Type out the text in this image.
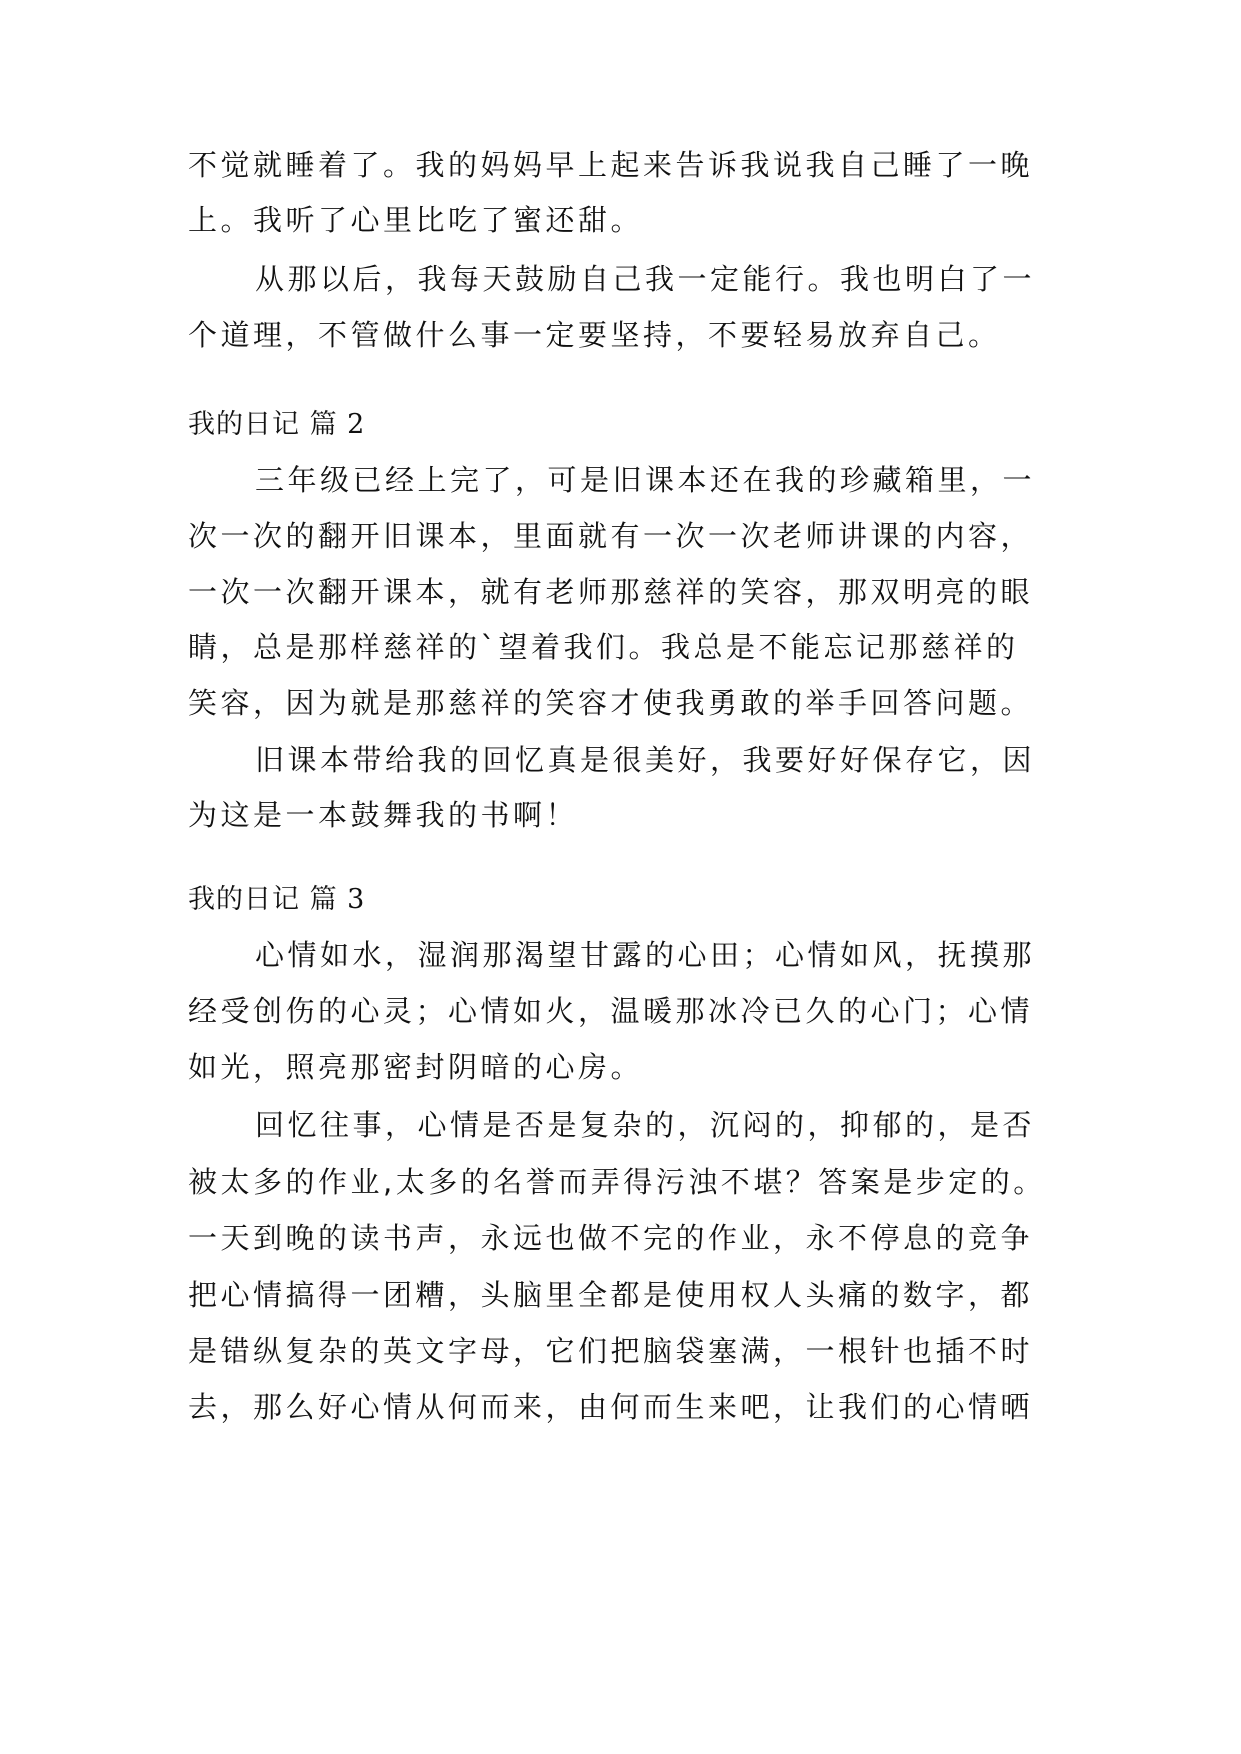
不觉就睡着了。我的妈妈早上起来告诉我说我自己睡了一晚
上。我听了心里比吃了蜜还甜。
从那以后，我每天鼓励自己我一定能行。我也明白了一
个道理，不管做什么事一定要坚持，不要轻易放弃自己。
我的日记 篇 2
三年级已经上完了，可是旧课本还在我的珍藏箱里，一
次一次的翻开旧课本，里面就有一次一次老师讲课的内容，
一次一次翻开课本，就有老师那慈祥的笑容，那双明亮的眼
睛，总是那样慈祥的`望着我们。我总是不能忘记那慈祥的
笑容，因为就是那慈祥的笑容才使我勇敢的举手回答问题。
旧课本带给我的回忆真是很美好，我要好好保存它，因
为这是一本鼓舞我的书啊！
我的日记 篇 3
心情如水，湿润那渴望甘露的心田；心情如风，抚摸那
经受创伤的心灵；心情如火，温暖那冰冷已久的心门；心情
如光，照亮那密封阴暗的心房。
回忆往事，心情是否是复杂的，沉闷的，抑郁的，是否
被太多的作业,太多的名誉而弄得污浊不堪？答案是步定的。
一天到晚的读书声，永远也做不完的作业，永不停息的竞争
把心情搞得一团糟，头脑里全都是使用权人头痛的数字，都
是错纵复杂的英文字母，它们把脑袋塞满，一根针也插不时
去，那么好心情从何而来，由何而生来吧，让我们的心情晒
